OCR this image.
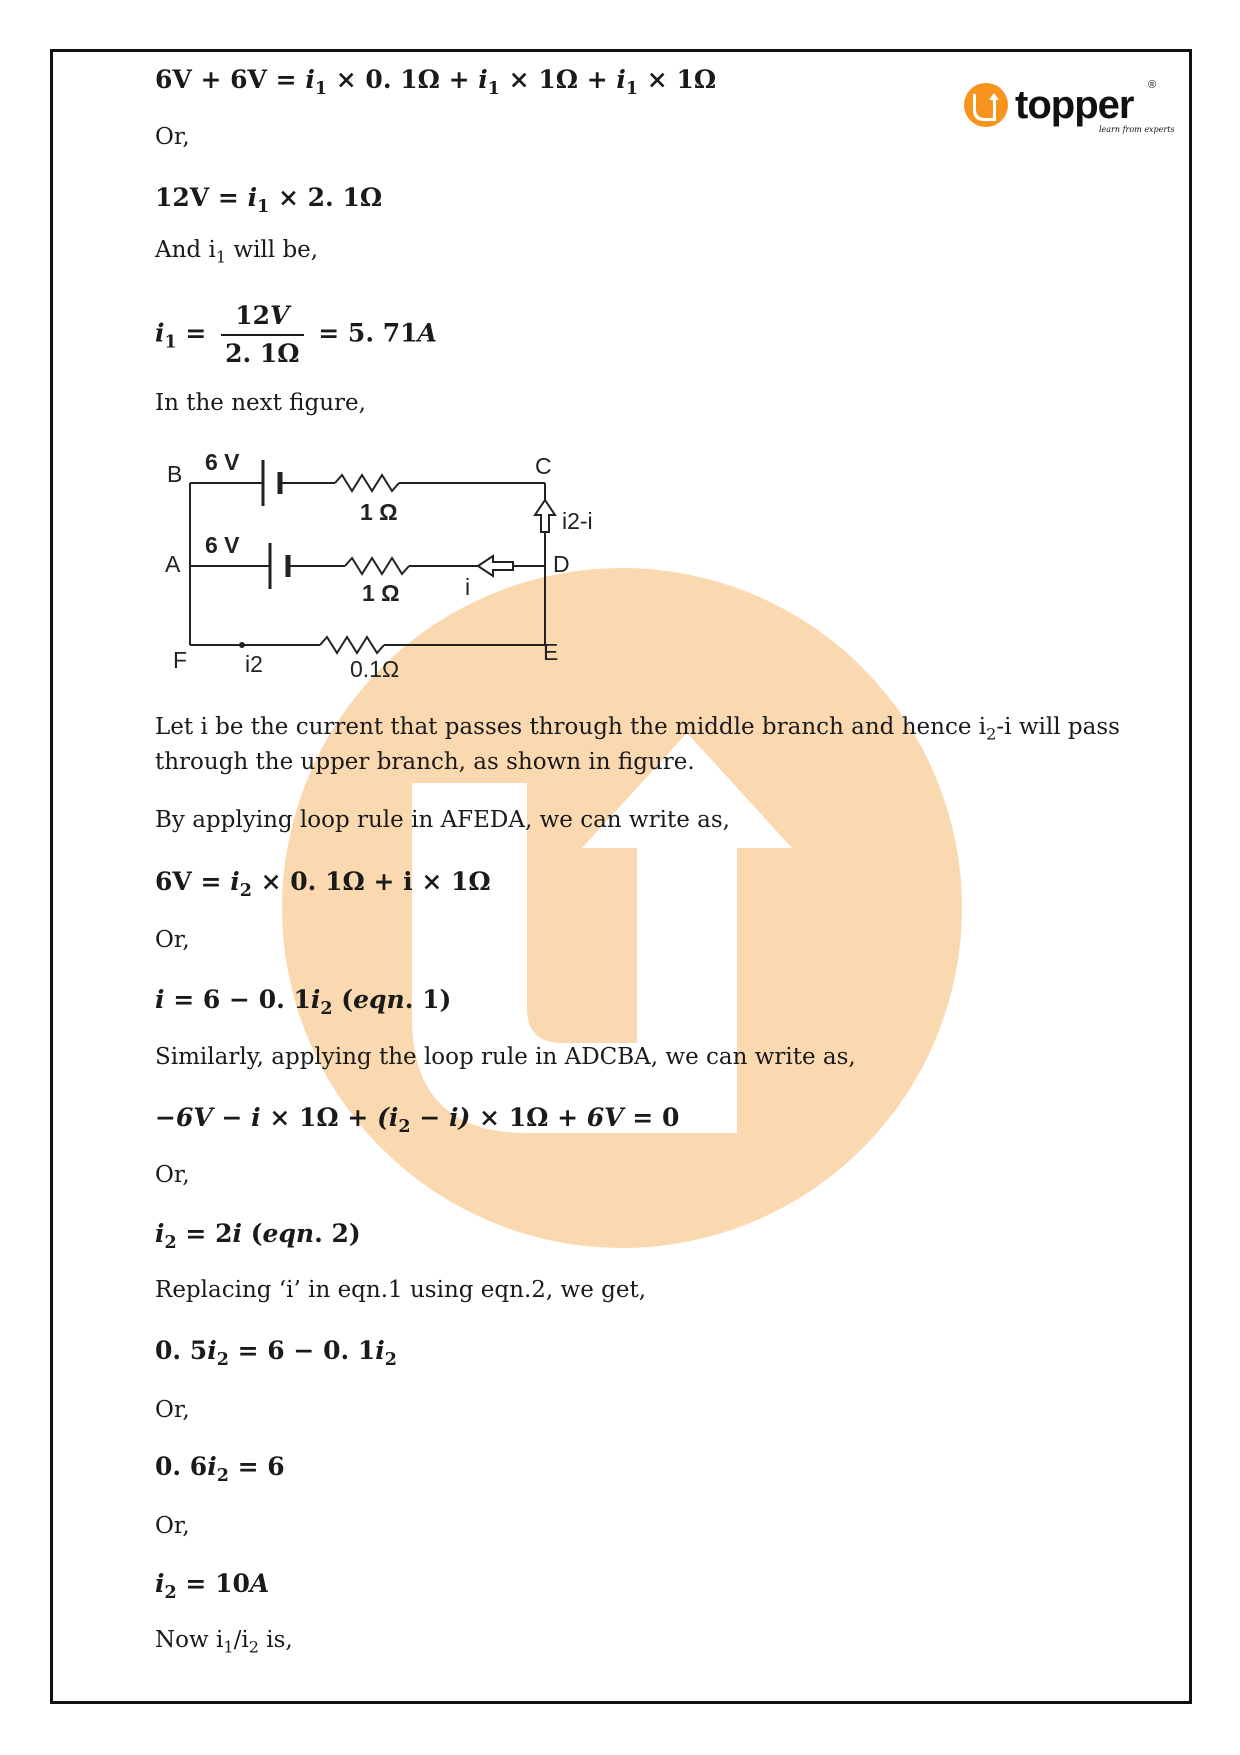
topper ®
learn from experts
$6V + 6V = i_1 \times 0$. $1\Omega + i_1 \times 1\Omega + i_1 \times 1\Omega$
Or,
$12V = i_1 \times 2$. 1Ω
And $i_1$ will be,
$i_1 = \frac{12V}{2. 1\Omega} = 5$. 71A
In the next figure,
Let i be the current that passes through the middle branch and hence $i_2-i$ will pass
through the upper branch, as shown in figure.
By applying loop rule in AFEDA, we can write as,
$6V = i_2 \times 0$. 1Ω + i × 1Ω
Or,
i = 6 − 0. $1i_2$ (eqn. 1)
Similarly, applying the loop rule in ADCBA, we can write as,
$-6V - i \times 1\Omega + (i_2 - i) \times 1\Omega + 6V = 0$
Or,
$i_2 = 2i$ (eqn. 2)
Replacing ‘i’ in eqn.1 using eqn.2, we get,
0. $5i_2 = 6 - 0$. $1i_2$
Or,
0. $6i_2 = 6$
Or,
$i_2 = 10A$
Now $i_1/i_2$ is,
B
A
F
C
D
E
6 V
6 V
1 Ω
1 Ω
0.1Ω
i2-i
i
i2
